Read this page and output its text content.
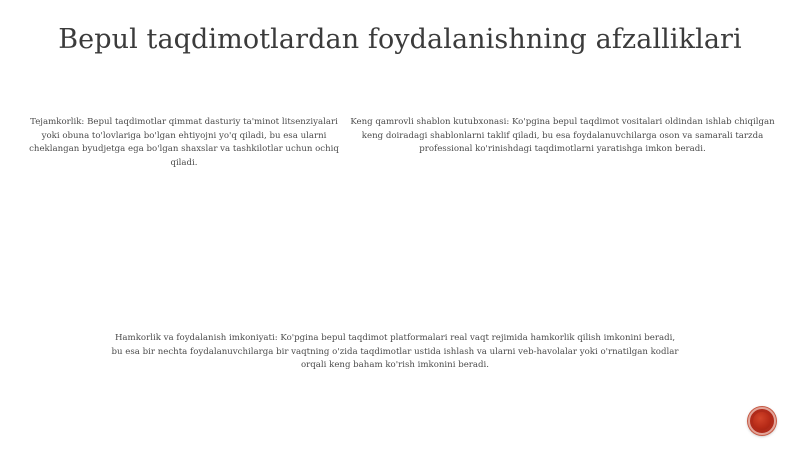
Bepul taqdimotlardan foydalanishning afzalliklari
Tejamkorlik: Bepul taqdimotlar qimmat dasturiy ta'minot litsenziyalari yoki obuna to'lovlariga bo'lgan ehtiyojni yo'q qiladi, bu esa ularni cheklangan byudjetga ega bo'lgan shaxslar va tashkilotlar uchun ochiq qiladi.
Keng qamrovli shablon kutubxonasi: Ko'pgina bepul taqdimot vositalari oldindan ishlab chiqilgan keng doiradagi shablonlarni taklif qiladi, bu esa foydalanuvchilarga oson va samarali tarzda professional ko'rinishdagi taqdimotlarni yaratishga imkon beradi.
Hamkorlik va foydalanish imkoniyati: Ko'pgina bepul taqdimot platformalari real vaqt rejimida hamkorlik qilish imkonini beradi, bu esa bir nechta foydalanuvchilarga bir vaqtning o'zida taqdimotlar ustida ishlash va ularni veb-havolalar yoki o'rnatilgan kodlar orqali keng baham ko'rish imkonini beradi.
